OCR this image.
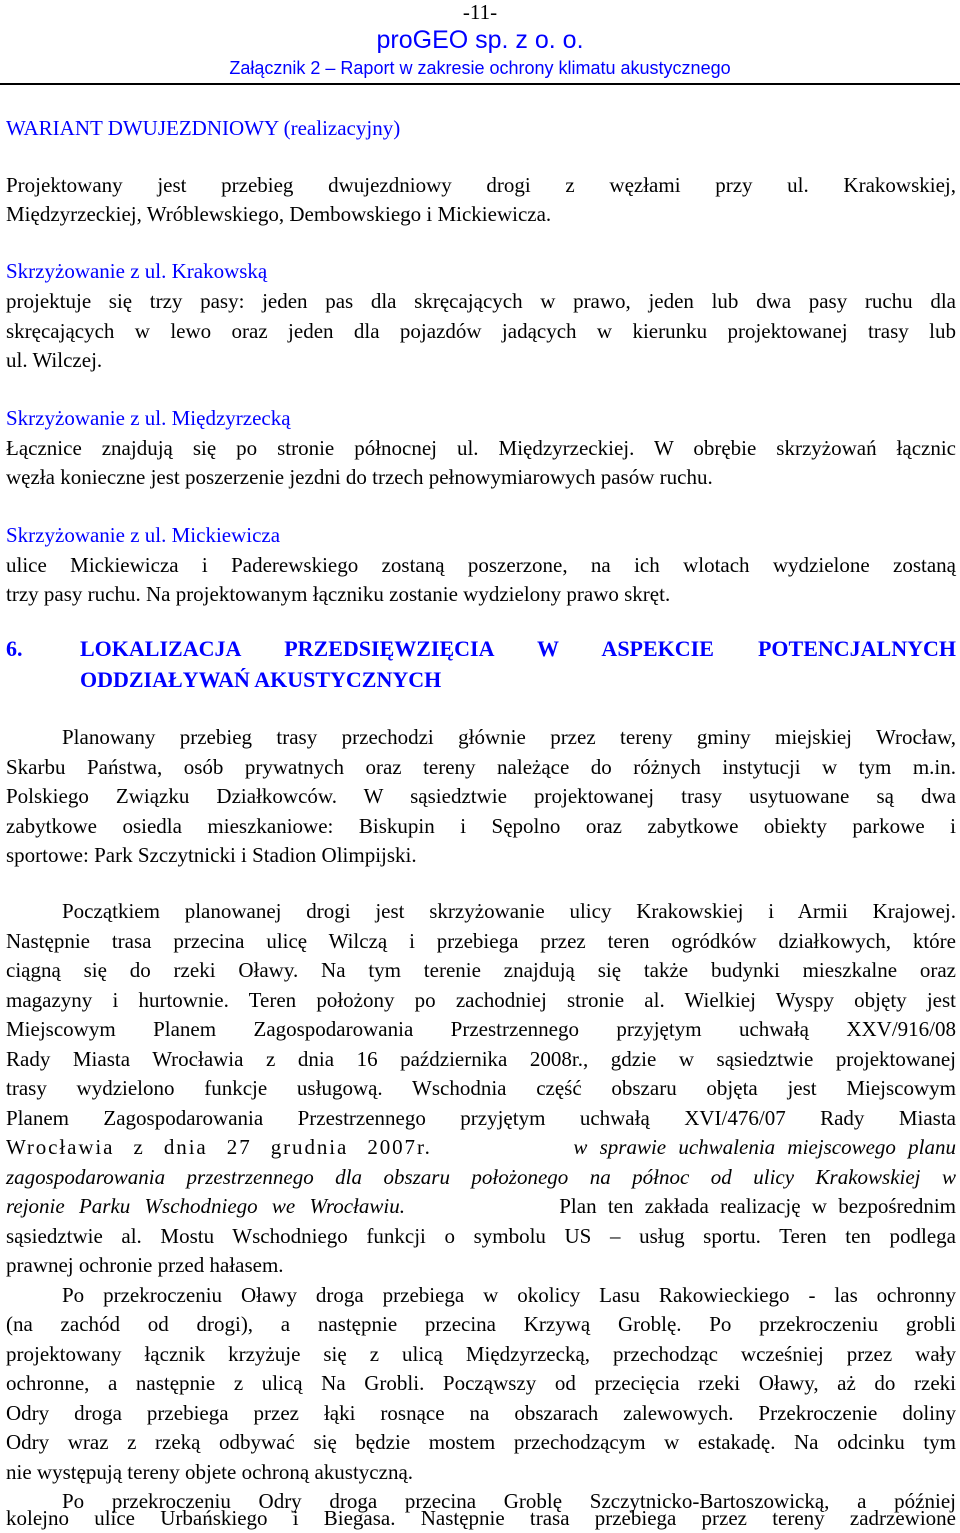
-11-
proGEO sp. z o. o.
Załącznik 2 – Raport w zakresie ochrony klimatu akustycznego
WARIANT DWUJEZDNIOWY (realizacyjny)
Projektowany jest przebieg dwujezdniowy drogi z węzłami przy ul. Krakowskiej,
Międzyrzeckiej, Wróblewskiego, Dembowskiego i Mickiewicza.
Skrzyżowanie z ul. Krakowską
projektuje się trzy pasy: jeden pas dla skręcających w prawo, jeden lub dwa pasy ruchu dla
skręcających w lewo oraz jeden dla pojazdów jadących w kierunku projektowanej trasy lub
ul. Wilczej.
Skrzyżowanie z ul. Międzyrzecką
Łącznice znajdują się po stronie północnej ul. Międzyrzeckiej. W obrębie skrzyżowań łącznic
węzła konieczne jest poszerzenie jezdni do trzech pełnowymiarowych pasów ruchu.
Skrzyżowanie z ul. Mickiewicza
ulice Mickiewicza i Paderewskiego zostaną poszerzone, na ich wlotach wydzielone zostaną
trzy pasy ruchu. Na projektowanym łączniku zostanie wydzielony prawo skręt.
6.	LOKALIZACJA PRZEDSIĘWZIĘCIA W ASPEKCIE POTENCJALNYCH
ODDZIAŁYWAŃ AKUSTYCZNYCH
Planowany przebieg trasy przechodzi głównie przez tereny gminy miejskiej Wrocław,
Skarbu Państwa, osób prywatnych oraz tereny należące do różnych instytucji w tym m.in.
Polskiego Związku Działkowców. W sąsiedztwie projektowanej trasy usytuowane są dwa
zabytkowe osiedla mieszkaniowe: Biskupin i Sępolno oraz zabytkowe obiekty parkowe i
sportowe: Park Szczytnicki i Stadion Olimpijski.
Początkiem planowanej drogi jest skrzyżowanie ulicy Krakowskiej i Armii Krajowej.
Następnie trasa przecina ulicę Wilczą i przebiega przez teren ogródków działkowych, które
ciągną się do rzeki Oławy. Na tym terenie znajdują się także budynki mieszkalne oraz
magazyny i hurtownie. Teren położony po zachodniej stronie al. Wielkiej Wyspy objęty jest
Miejscowym Planem Zagospodarowania Przestrzennego przyjętym uchwałą XXV/916/08
Rady Miasta Wrocławia z dnia 16 października 2008r., gdzie w sąsiedztwie projektowanej
trasy wydzielono funkcje usługową. Wschodnia część obszaru objęta jest Miejscowym
Planem Zagospodarowania Przestrzennego przyjętym uchwałą XVI/476/07 Rady Miasta
Wrocławia z dnia 27 grudnia 2007r.	w sprawie uchwalenia miejscowego planu
zagospodarowania przestrzennego dla obszaru położonego na północ od ulicy Krakowskiej w
rejonie Parku Wschodniego we Wrocławiu.	Plan ten zakłada realizację w bezpośrednim
sąsiedztwie al. Mostu Wschodniego funkcji o symbolu US – usług sportu. Teren ten podlega
prawnej ochronie przed hałasem.
Po przekroczeniu Oławy droga przebiega w okolicy Lasu Rakowieckiego - las ochronny
(na zachód od drogi), a następnie przecina Krzywą Groblę. Po przekroczeniu grobli
projektowany łącznik krzyżuje się z ulicą Międzyrzecką, przechodząc wcześniej przez wały
ochronne, a następnie z ulicą Na Grobli. Począwszy od przecięcia rzeki Oławy, aż do rzeki
Odry droga przebiega przez łąki rosnące na obszarach zalewowych. Przekroczenie doliny
Odry wraz z rzeką odbywać się będzie mostem przechodzącym w estakadę. Na odcinku tym
nie występują tereny objete ochroną akustyczną.
Po przekroczeniu Odry droga przecina Groblę Szczytnicko-Bartoszowicką, a później
kolejno ulice Urbańskiego i Biegasa. Następnie trasa przebiega przez tereny zadrzewione
